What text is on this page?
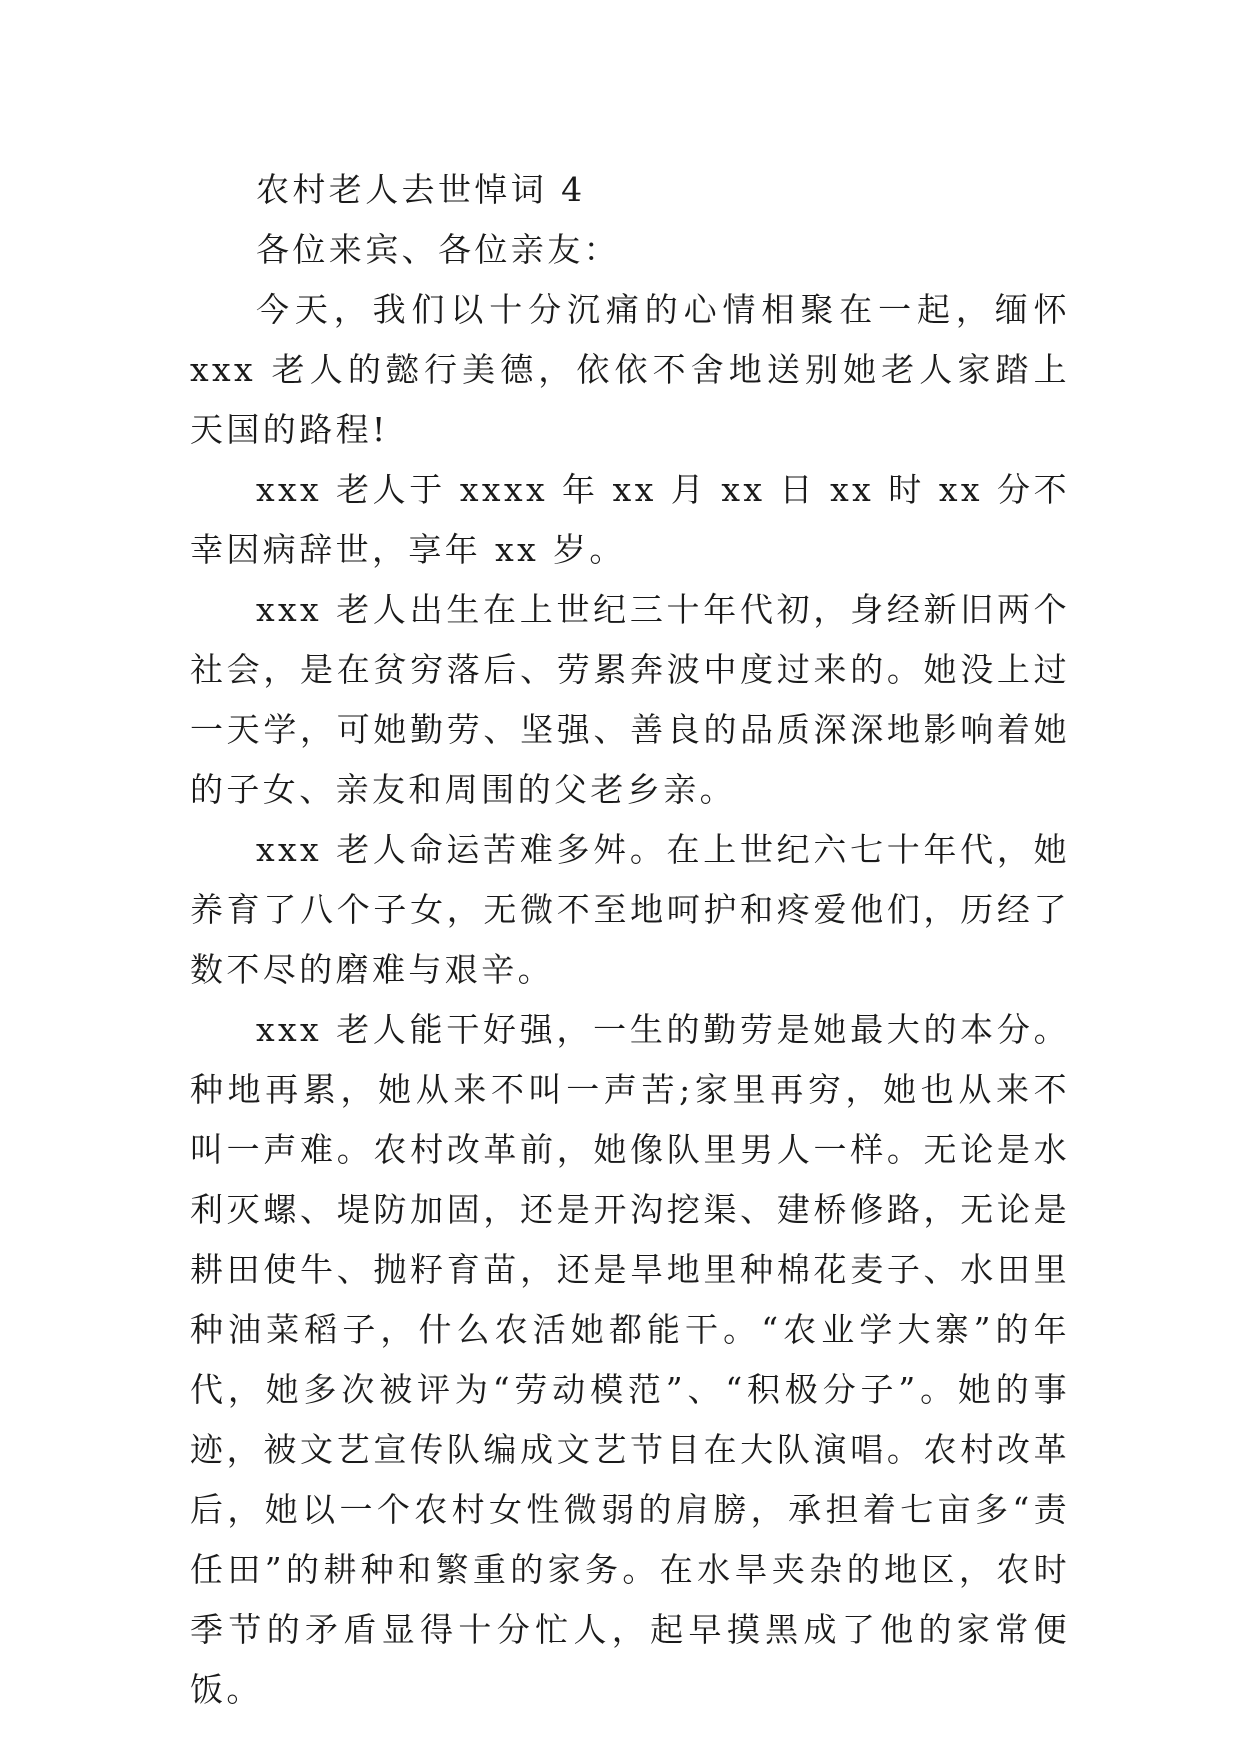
农村老人去世悼词 4

各位来宾、各位亲友：

今天，我们以十分沉痛的心情相聚在一起，缅怀 xxx 老人的懿行美德，依依不舍地送别她老人家踏上天国的路程!

xxx 老人于 xxxx 年 xx 月 xx 日 xx 时 xx 分不幸因病辞世，享年 xx 岁。

xxx 老人出生在上世纪三十年代初，身经新旧两个社会，是在贫穷落后、劳累奔波中度过来的。她没上过一天学，可她勤劳、坚强、善良的品质深深地影响着她的子女、亲友和周围的父老乡亲。

xxx 老人命运苦难多舛。在上世纪六七十年代，她养育了八个子女，无微不至地呵护和疼爱他们，历经了数不尽的磨难与艰辛。

xxx 老人能干好强，一生的勤劳是她最大的本分。种地再累，她从来不叫一声苦;家里再穷，她也从来不叫一声难。农村改革前，她像队里男人一样。无论是水利灭螺、堤防加固，还是开沟挖渠、建桥修路，无论是耕田使牛、抛籽育苗，还是旱地里种棉花麦子、水田里种油菜稻子，什么农活她都能干。“农业学大寨”的年代，她多次被评为“劳动模范”、“积极分子”。她的事迹，被文艺宣传队编成文艺节目在大队演唱。农村改革后，她以一个农村女性微弱的肩膀，承担着七亩多“责任田”的耕种和繁重的家务。在水旱夹杂的地区，农时季节的矛盾显得十分忙人，起早摸黑成了他的家常便饭。
